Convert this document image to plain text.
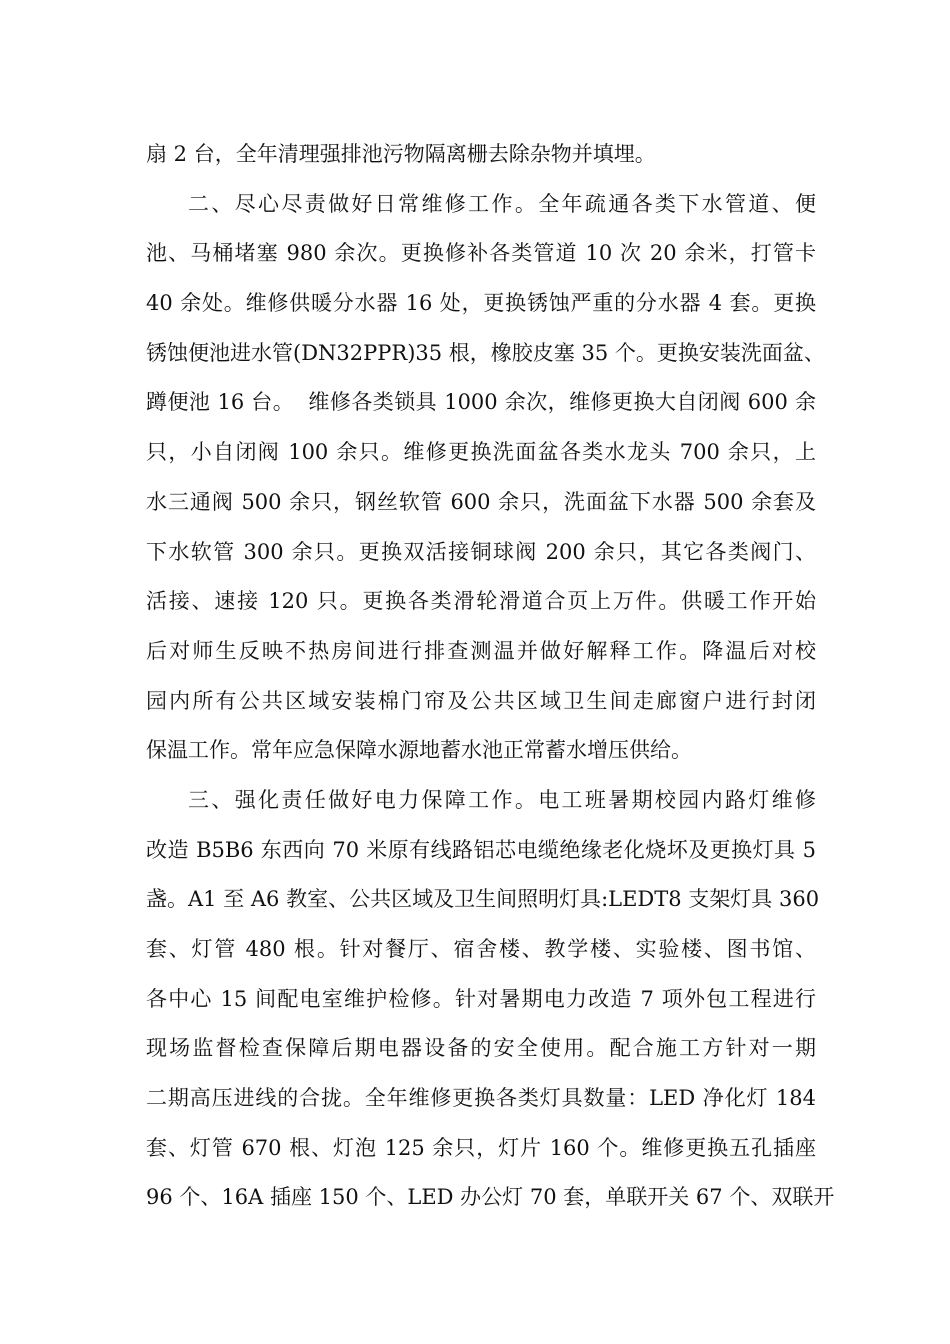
扇 2 台，全年清理强排池污物隔离栅去除杂物并填埋。
二、尽心尽责做好日常维修工作。全年疏通各类下水管道、便
池、马桶堵塞 980 余次。更换修补各类管道 10 次 20 余米，打管卡
40 余处。维修供暖分水器 16 处，更换锈蚀严重的分水器 4 套。更换
锈蚀便池进水管(DN32PPR)35 根，橡胶皮塞 35 个。更换安装洗面盆、
蹲便池 16 台。  维修各类锁具 1000 余次，维修更换大自闭阀 600 余
只，小自闭阀 100 余只。维修更换洗面盆各类水龙头 700 余只，上
水三通阀 500 余只，钢丝软管 600 余只，洗面盆下水器 500 余套及
下水软管 300 余只。更换双活接铜球阀 200 余只，其它各类阀门、
活接、速接 120 只。更换各类滑轮滑道合页上万件。供暖工作开始
后对师生反映不热房间进行排查测温并做好解释工作。降温后对校
园内所有公共区域安装棉门帘及公共区域卫生间走廊窗户进行封闭
保温工作。常年应急保障水源地蓄水池正常蓄水增压供给。
三、强化责任做好电力保障工作。电工班暑期校园内路灯维修
改造 B5B6 东西向 70 米原有线路铝芯电缆绝缘老化烧坏及更换灯具 5
盏。A1 至 A6 教室、公共区域及卫生间照明灯具:LEDT8 支架灯具 360
套、灯管 480 根。针对餐厅、宿舍楼、教学楼、实验楼、图书馆、
各中心 15 间配电室维护检修。针对暑期电力改造 7 项外包工程进行
现场监督检查保障后期电器设备的安全使用。配合施工方针对一期
二期高压进线的合拢。全年维修更换各类灯具数量：LED 净化灯 184
套、灯管 670 根、灯泡 125 余只，灯片 160 个。维修更换五孔插座
96 个、16A 插座 150 个、LED 办公灯 70 套，单联开关 67 个、双联开
